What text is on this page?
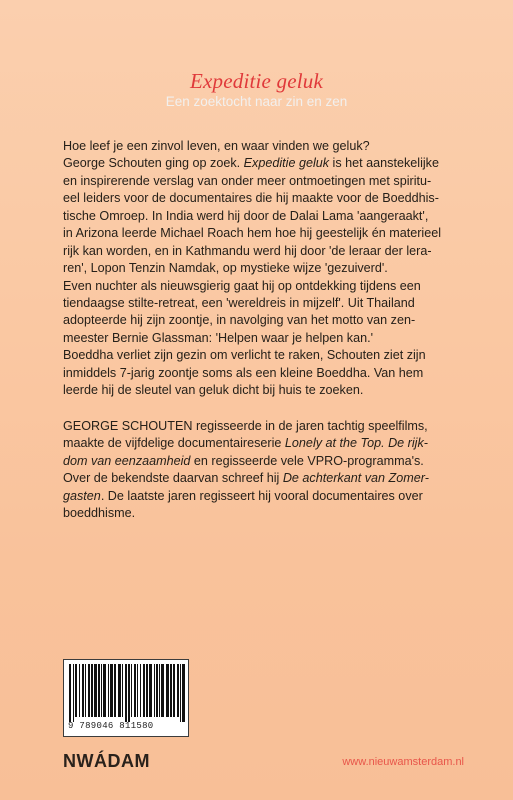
Expeditie geluk
Een zoektocht naar zin en zen
Hoe leef je een zinvol leven, en waar vinden we geluk?
George Schouten ging op zoek. Expeditie geluk is het aanstekelijke
en inspirerende verslag van onder meer ontmoetingen met spiritu-
eel leiders voor de documentaires die hij maakte voor de Boeddhis-
tische Omroep. In India werd hij door de Dalai Lama 'aangeraakt',
in Arizona leerde Michael Roach hem hoe hij geestelijk én materieel
rijk kan worden, en in Kathmandu werd hij door 'de leraar der lera-
ren', Lopon Tenzin Namdak, op mystieke wijze 'gezuiverd'.
Even nuchter als nieuwsgierig gaat hij op ontdekking tijdens een
tiendaagse stilte-retreat, een 'wereldreis in mijzelf'. Uit Thailand
adopteerde hij zijn zoontje, in navolging van het motto van zen-
meester Bernie Glassman: 'Helpen waar je helpen kan.'
Boeddha verliet zijn gezin om verlicht te raken, Schouten ziet zijn
inmiddels 7-jarig zoontje soms als een kleine Boeddha. Van hem
leerde hij de sleutel van geluk dicht bij huis te zoeken.
GEORGE SCHOUTEN regisseerde in de jaren tachtig speelfilms,
maakte de vijfdelige documentaireserie Lonely at the Top. De rijk-
dom van eenzaamheid en regisseerde vele VPRO-programma's.
Over de bekendste daarvan schreef hij De achterkant van Zomer-
gasten. De laatste jaren regisseert hij vooral documentaires over
boeddhisme.
9 789046 811580
NWÁDAM	www.nieuwamsterdam.nl
